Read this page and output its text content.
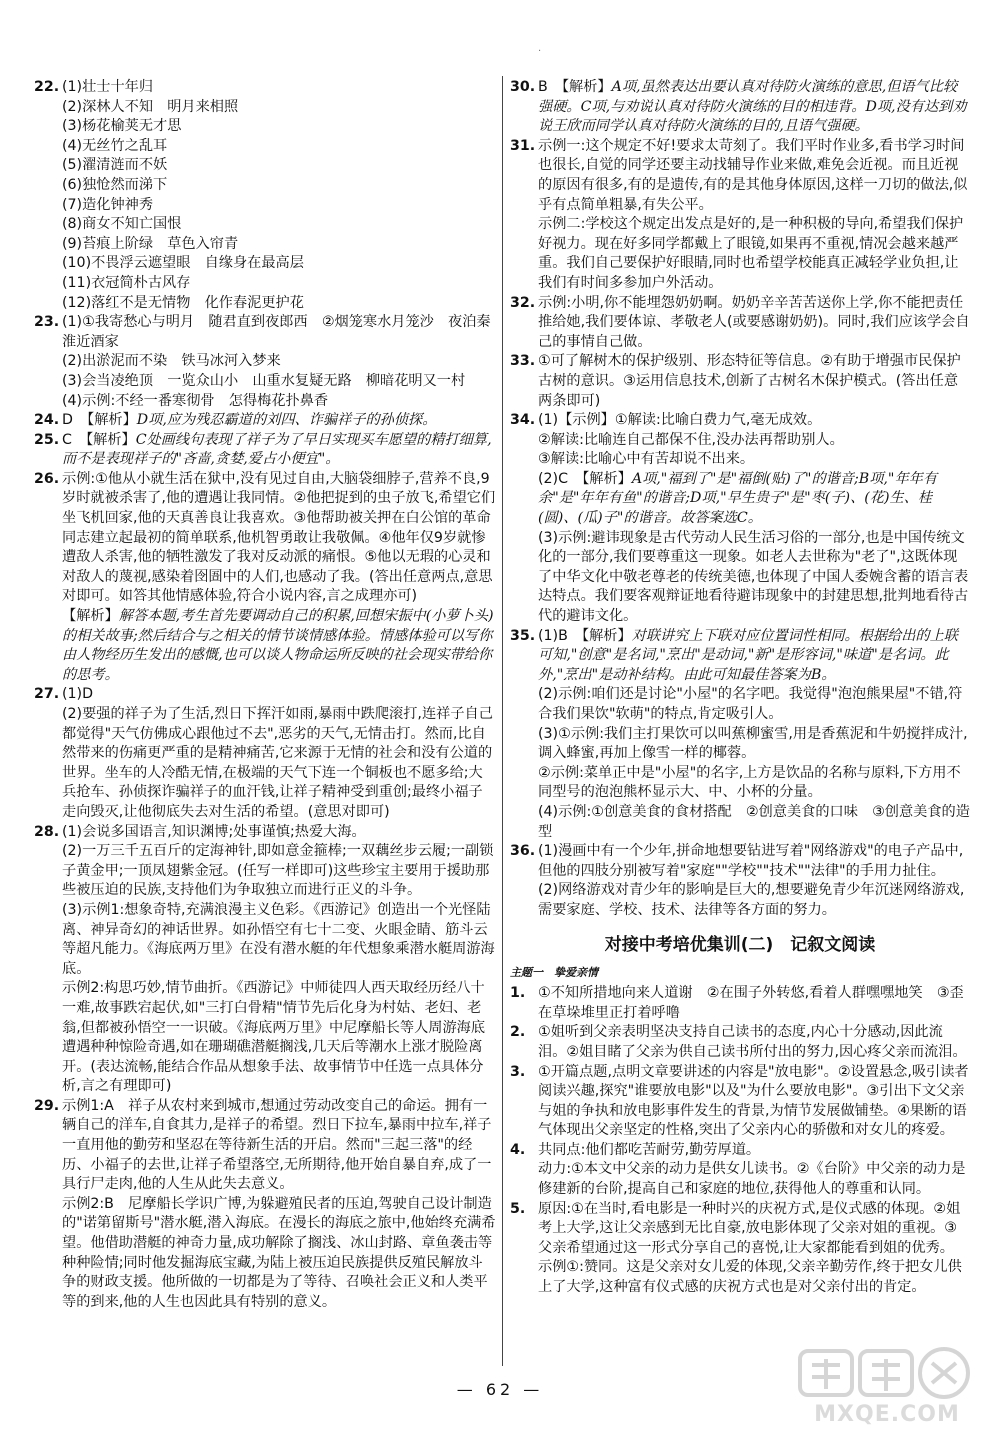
·
22. (1)壮士十年归
(2)深林人不知　明月来相照
(3)杨花榆荚无才思
(4)无丝竹之乱耳
(5)濯清涟而不妖
(6)独怆然而涕下
(7)造化钟神秀
(8)商女不知亡国恨
(9)苔痕上阶绿　草色入帘青
(10)不畏浮云遮望眼　自缘身在最高层
(11)衣冠简朴古风存
(12)落红不是无情物　化作春泥更护花
23. (1)①我寄愁心与明月　随君直到夜郎西　②烟笼寒水月笼沙　夜泊秦淮近酒家
(2)出淤泥而不染　铁马冰河入梦来
(3)会当凌绝顶　一览众山小　山重水复疑无路　柳暗花明又一村
(4)示例:不经一番寒彻骨　怎得梅花扑鼻香
24. D　【解析】D项,应为残忍霸道的刘四、诈骗祥子的孙侦探。
25. C　【解析】C处画线句表现了祥子为了早日实现买车愿望的精打细算,而不是表现祥子的"吝啬,贪婪,爱占小便宜"。
26. 示例:①他从小就生活在狱中,没有见过自由,大脑袋细脖子,营养不良,9岁时就被杀害了,他的遭遇让我同情。②他把捉到的虫子放飞,希望它们坐飞机回家,他的天真善良让我喜欢。③他帮助被关押在白公馆的革命同志建立起最初的简单联系,他机智勇敢让我敬佩。④他年仅9岁就惨遭敌人杀害,他的牺牲激发了我对反动派的痛恨。⑤他以无瑕的心灵和对敌人的蔑视,感染着囹圄中的人们,也感动了我。(答出任意两点,意思对即可。如答其他情感体验,符合小说内容,言之成理亦可)
【解析】解答本题,考生首先要调动自己的积累,回想宋振中(小萝卜头)的相关故事;然后结合与之相关的情节谈情感体验。情感体验可以写你由人物经历生发出的感慨,也可以谈人物命运所反映的社会现实带给你的思考。
27. (1)D
(2)要强的祥子为了生活,烈日下挥汗如雨,暴雨中跌爬滚打,连祥子自己都觉得"天气仿佛成心跟他过不去",恶劣的天气,无情击打。然而,比自然带来的伤痛更严重的是精神痛苦,它来源于无情的社会和没有公道的世界。坐车的人冷酷无情,在极端的天气下连一个铜板也不愿多给;大兵抢车、孙侦探诈骗祥子的血汗钱,让祥子精神受到重创;最终小福子走向毁灭,让他彻底失去对生活的希望。(意思对即可)
28. (1)会说多国语言,知识渊博;处事谨慎;热爱大海。
(2)一万三千五百斤的定海神针,即如意金箍棒;一双藕丝步云履;一副锁子黄金甲;一顶凤翅紫金冠。(任写一样即可)这些珍宝主要用于援助那些被压迫的民族,支持他们为争取独立而进行正义的斗争。
(3)示例1:想象奇特,充满浪漫主义色彩。《西游记》创造出一个光怪陆离、神异奇幻的神话世界。如孙悟空有七十二变、火眼金睛、筋斗云等超凡能力。《海底两万里》在没有潜水艇的年代想象乘潜水艇周游海底。
示例2:构思巧妙,情节曲折。《西游记》中师徒四人西天取经历经八十一难,故事跌宕起伏,如"三打白骨精"情节先后化身为村姑、老妇、老翁,但都被孙悟空一一识破。《海底两万里》中尼摩船长等人周游海底遭遇种种惊险奇遇,如在珊瑚礁潜艇搁浅,几天后等潮水上涨才脱险离开。(表达流畅,能结合作品从想象手法、故事情节中任选一点具体分析,言之有理即可)
29. 示例1:A　祥子从农村来到城市,想通过劳动改变自己的命运。拥有一辆自己的洋车,自食其力,是祥子的希望。烈日下拉车,暴雨中拉车,祥子一直用他的勤劳和坚忍在等待新生活的开启。然而"三起三落"的经历、小福子的去世,让祥子希望落空,无所期待,他开始自暴自弃,成了一具行尸走肉,他的人生从此失去意义。
示例2:B　尼摩船长学识广博,为躲避殖民者的压迫,驾驶自己设计制造的"诺第留斯号"潜水艇,潜入海底。在漫长的海底之旅中,他始终充满希望。他借助潜艇的神奇力量,成功解除了搁浅、冰山封路、章鱼袭击等种种险情;同时他发掘海底宝藏,为陆上被压迫民族提供反殖民解放斗争的财政支援。他所做的一切都是为了等待、召唤社会正义和人类平等的到来,他的人生也因此具有特别的意义。
30. B　【解析】A项,虽然表达出要认真对待防火演练的意思,但语气比较强硬。C项,与劝说认真对待防火演练的目的相违背。D项,没有达到劝说王欣而同学认真对待防火演练的目的,且语气强硬。
31. 示例一:这个规定不好!要求太苛刻了。我们平时作业多,看书学习时间也很长,自觉的同学还要主动找辅导作业来做,难免会近视。而且近视的原因有很多,有的是遗传,有的是其他身体原因,这样一刀切的做法,似乎有点简单粗暴,有失公平。
示例二:学校这个规定出发点是好的,是一种积极的导向,希望我们保护好视力。现在好多同学都戴上了眼镜,如果再不重视,情况会越来越严重。我们自己要保护好眼睛,同时也希望学校能真正减轻学业负担,让我们有时间多参加户外活动。
32. 示例:小明,你不能埋怨奶奶啊。奶奶辛辛苦苦送你上学,你不能把责任推给她,我们要体谅、孝敬老人(或要感谢奶奶)。同时,我们应该学会自己的事情自己做。
33. ①可了解树木的保护级别、形态特征等信息。②有助于增强市民保护古树的意识。③运用信息技术,创新了古树名木保护模式。(答出任意两条即可)
34. (1)【示例】①解读:比喻白费力气,毫无成效。
②解读:比喻连自己都保不住,没办法再帮助别人。
③解读:比喻心中有苦却说不出来。
(2)C　【解析】A项,"福到了"是"福倒(贴)了"的谐音;B项,"年年有余"是"年年有鱼"的谐音;D项,"早生贵子"是"枣(子)、(花)生、桂(圆)、(瓜)子"的谐音。故答案选C。
(3)示例:避讳现象是古代劳动人民生活习俗的一部分,也是中国传统文化的一部分,我们要尊重这一现象。如老人去世称为"老了",这既体现了中华文化中敬老尊老的传统美德,也体现了中国人委婉含蓄的语言表达特点。我们要客观辩证地看待避讳现象中的封建思想,批判地看待古代的避讳文化。
35. (1)B　【解析】对联讲究上下联对应位置词性相同。根据给出的上联可知,"创意"是名词,"烹出"是动词,"新"是形容词,"味道"是名词。此外,"烹出"是动补结构。由此可知最佳答案为B。
(2)示例:咱们还是讨论"小屋"的名字吧。我觉得"泡泡熊果屋"不错,符合我们果饮"软萌"的特点,肯定吸引人。
(3)①示例:我们主打果饮可以叫蕉柳蜜雪,用是香蕉泥和牛奶搅拌成汁,调入蜂蜜,再加上像雪一样的椰蓉。
②示例:菜单正中是"小屋"的名字,上方是饮品的名称与原料,下方用不同型号的泡泡熊杯显示大、中、小杯的分量。
(4)示例:①创意美食的食材搭配　②创意美食的口味　③创意美食的造型
36. (1)漫画中有一个少年,拼命地想要钻进写着"网络游戏"的电子产品中,但他的四肢分别被写着"家庭""学校""技术""法律"的手用力扯住。
(2)网络游戏对青少年的影响是巨大的,想要避免青少年沉迷网络游戏,需要家庭、学校、技术、法律等各方面的努力。
对接中考培优集训(二)　记叙文阅读
主题一　挚爱亲情
1. ①不知所措地向来人道谢　②在围子外转悠,看着人群嘿嘿地笑　③歪在草垛堆里正打着呼噜
2. ①姐听到父亲表明坚决支持自己读书的态度,内心十分感动,因此流泪。②姐目睹了父亲为供自己读书所付出的努力,因心疼父亲而流泪。
3. ①开篇点题,点明文章要讲述的内容是"放电影"。②设置悬念,吸引读者阅读兴趣,探究"谁要放电影"以及"为什么要放电影"。③引出下文父亲与姐的争执和放电影事件发生的背景,为情节发展做铺垫。④果断的语气体现出父亲坚定的性格,突出了父亲内心的骄傲和对女儿的疼爱。
4. 共同点:他们都吃苦耐劳,勤劳厚道。
动力:①本文中父亲的动力是供女儿读书。②《台阶》中父亲的动力是修建新的台阶,提高自己和家庭的地位,获得他人的尊重和认同。
5. 原因:①在当时,看电影是一种时兴的庆祝方式,是仪式感的体现。②姐考上大学,这让父亲感到无比自豪,放电影体现了父亲对姐的重视。③父亲希望通过这一形式分享自己的喜悦,让大家都能看到姐的优秀。
示例①:赞同。这是父亲对女儿爱的体现,父亲辛勤劳作,终于把女儿供上了大学,这种富有仪式感的庆祝方式也是对父亲付出的肯定。
— 62 —
MXQE.COM
